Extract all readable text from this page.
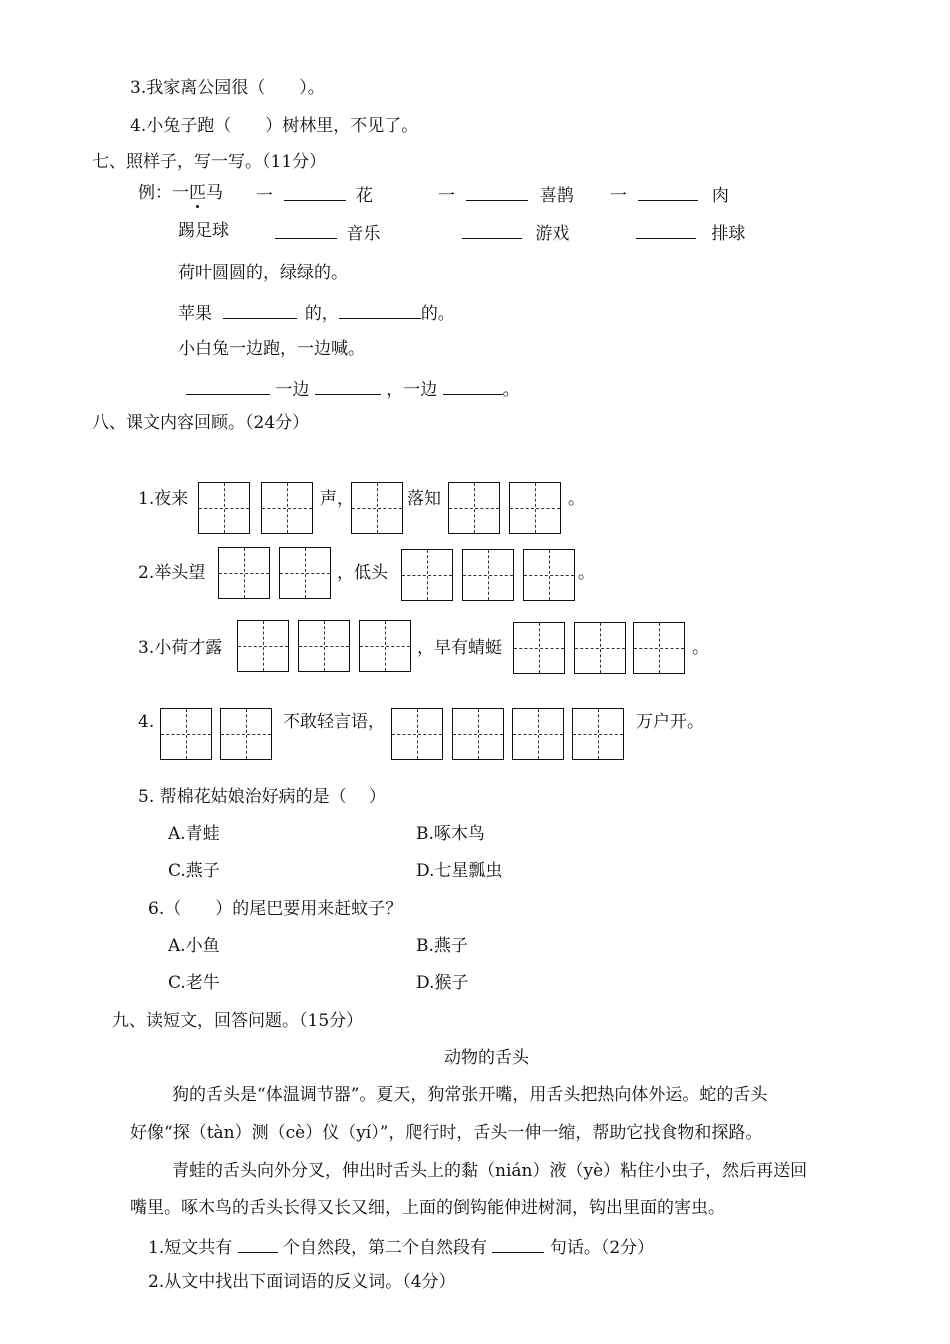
3.我家离公园很（　　）。
4.小兔子跑（　　）树林里，不见了。
七、照样子，写一写。（11分）
例：一匹马 一	花	一	喜鹊 一	肉
踢足球	音乐	游戏	排球
荷叶圆圆的，绿绿的。
苹果	的，	的。
小白兔一边跑，一边喊。
一边	，一边	。
八、课文内容回顾。（24分）
1.夜来	声，	落知	。
2.举头望	，低头	。
3.小荷才露	，早有蜻蜓	。
4.	不敢轻言语，	万户开。
5. 帮棉花姑娘治好病的是（　 ）
A.青蛙	B.啄木鸟
C.燕子	D.七星瓢虫
6.（　　）的尾巴要用来赶蚊子？
A.小鱼	B.燕子
C.老牛	D.猴子
九、读短文，回答问题。（15分）
动物的舌头
狗的舌头是“体温调节器”。夏天，狗常张开嘴，用舌头把热向体外运。蛇的舌头
好像“探（tàn）测（cè）仪（yí）”，爬行时，舌头一伸一缩，帮助它找食物和探路。
青蛙的舌头向外分叉，伸出时舌头上的黏（nián）液（yè）粘住小虫子，然后再送回
嘴里。啄木鸟的舌头长得又长又细，上面的倒钩能伸进树洞，钩出里面的害虫。
1.短文共有	个自然段，第二个自然段有	句话。（2分）
2.从文中找出下面词语的反义词。（4分）
